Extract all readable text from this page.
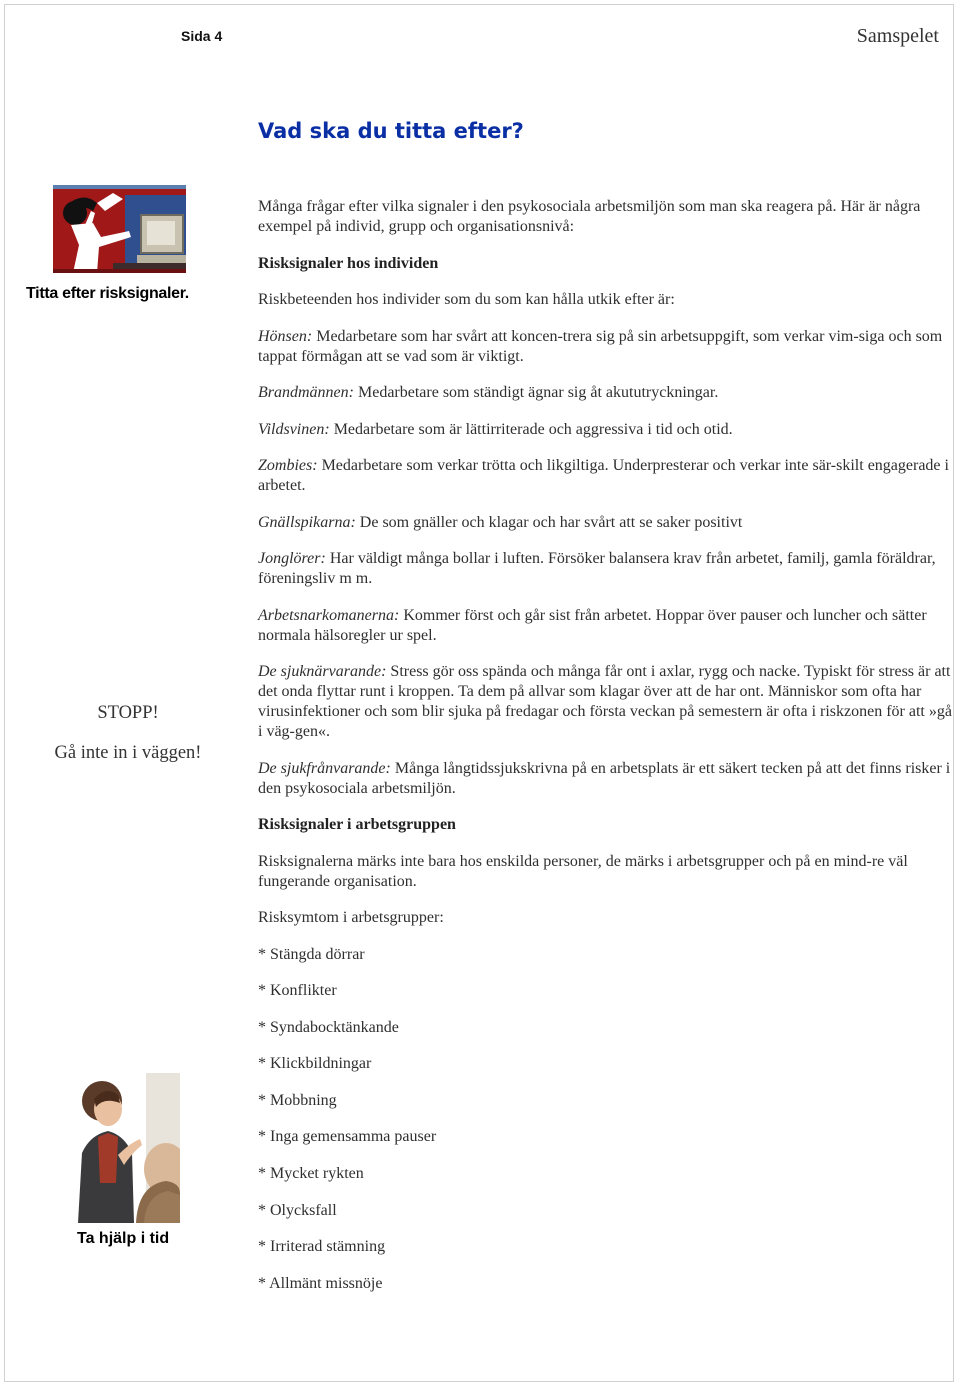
Sida 4	Samspelet
Vad ska du titta efter?
Titta efter risksignaler.
STOPP!
Gå inte in i väggen!
Ta hjälp i tid

Många frågar efter vilka signaler i den psykosociala arbetsmiljön som man ska reagera på. Här är några exempel på individ, grupp och organisationsnivå:

Risksignaler hos individen

Riskbeteenden hos individer som du som kan hålla utkik efter är:

Hönsen: Medarbetare som har svårt att koncen-trera sig på sin arbetsuppgift, som verkar vim-siga och som tappat förmågan att se vad som är viktigt.

Brandmännen: Medarbetare som ständigt ägnar sig åt akututryckningar.

Vildsvinen: Medarbetare som är lättirriterade och aggressiva i tid och otid.

Zombies: Medarbetare som verkar trötta och likgiltiga. Underpresterar och verkar inte sär-skilt engagerade i arbetet.

Gnällspikarna: De som gnäller och klagar och har svårt att se saker positivt

Jonglörer: Har väldigt många bollar i luften. Försöker balansera krav från arbetet, familj, gamla föräldrar, föreningsliv m m.

Arbetsnarkomanerna: Kommer först och går sist från arbetet. Hoppar över pauser och luncher och sätter normala hälsoregler ur spel.

De sjuknärvarande: Stress gör oss spända och många får ont i axlar, rygg och nacke. Typiskt för stress är att det onda flyttar runt i kroppen. Ta dem på allvar som klagar över att de har ont. Människor som ofta har virusinfektioner och som blir sjuka på fredagar och första veckan på semestern är ofta i riskzonen för att »gå i väg-gen«.

De sjukfrånvarande: Många långtidssjukskrivna på en arbetsplats är ett säkert tecken på att det finns risker i den psykosociala arbetsmiljön.

Risksignaler i arbetsgruppen

Risksignalerna märks inte bara hos enskilda personer, de märks i arbetsgrupper och på en mind-re väl fungerande organisation.

Risksymtom i arbetsgrupper:

* Stängda dörrar
* Konflikter
* Syndabocktänkande
* Klickbildningar
* Mobbning
* Inga gemensamma pauser
* Mycket rykten
* Olycksfall
* Irriterad stämning
* Allmänt missnöje
